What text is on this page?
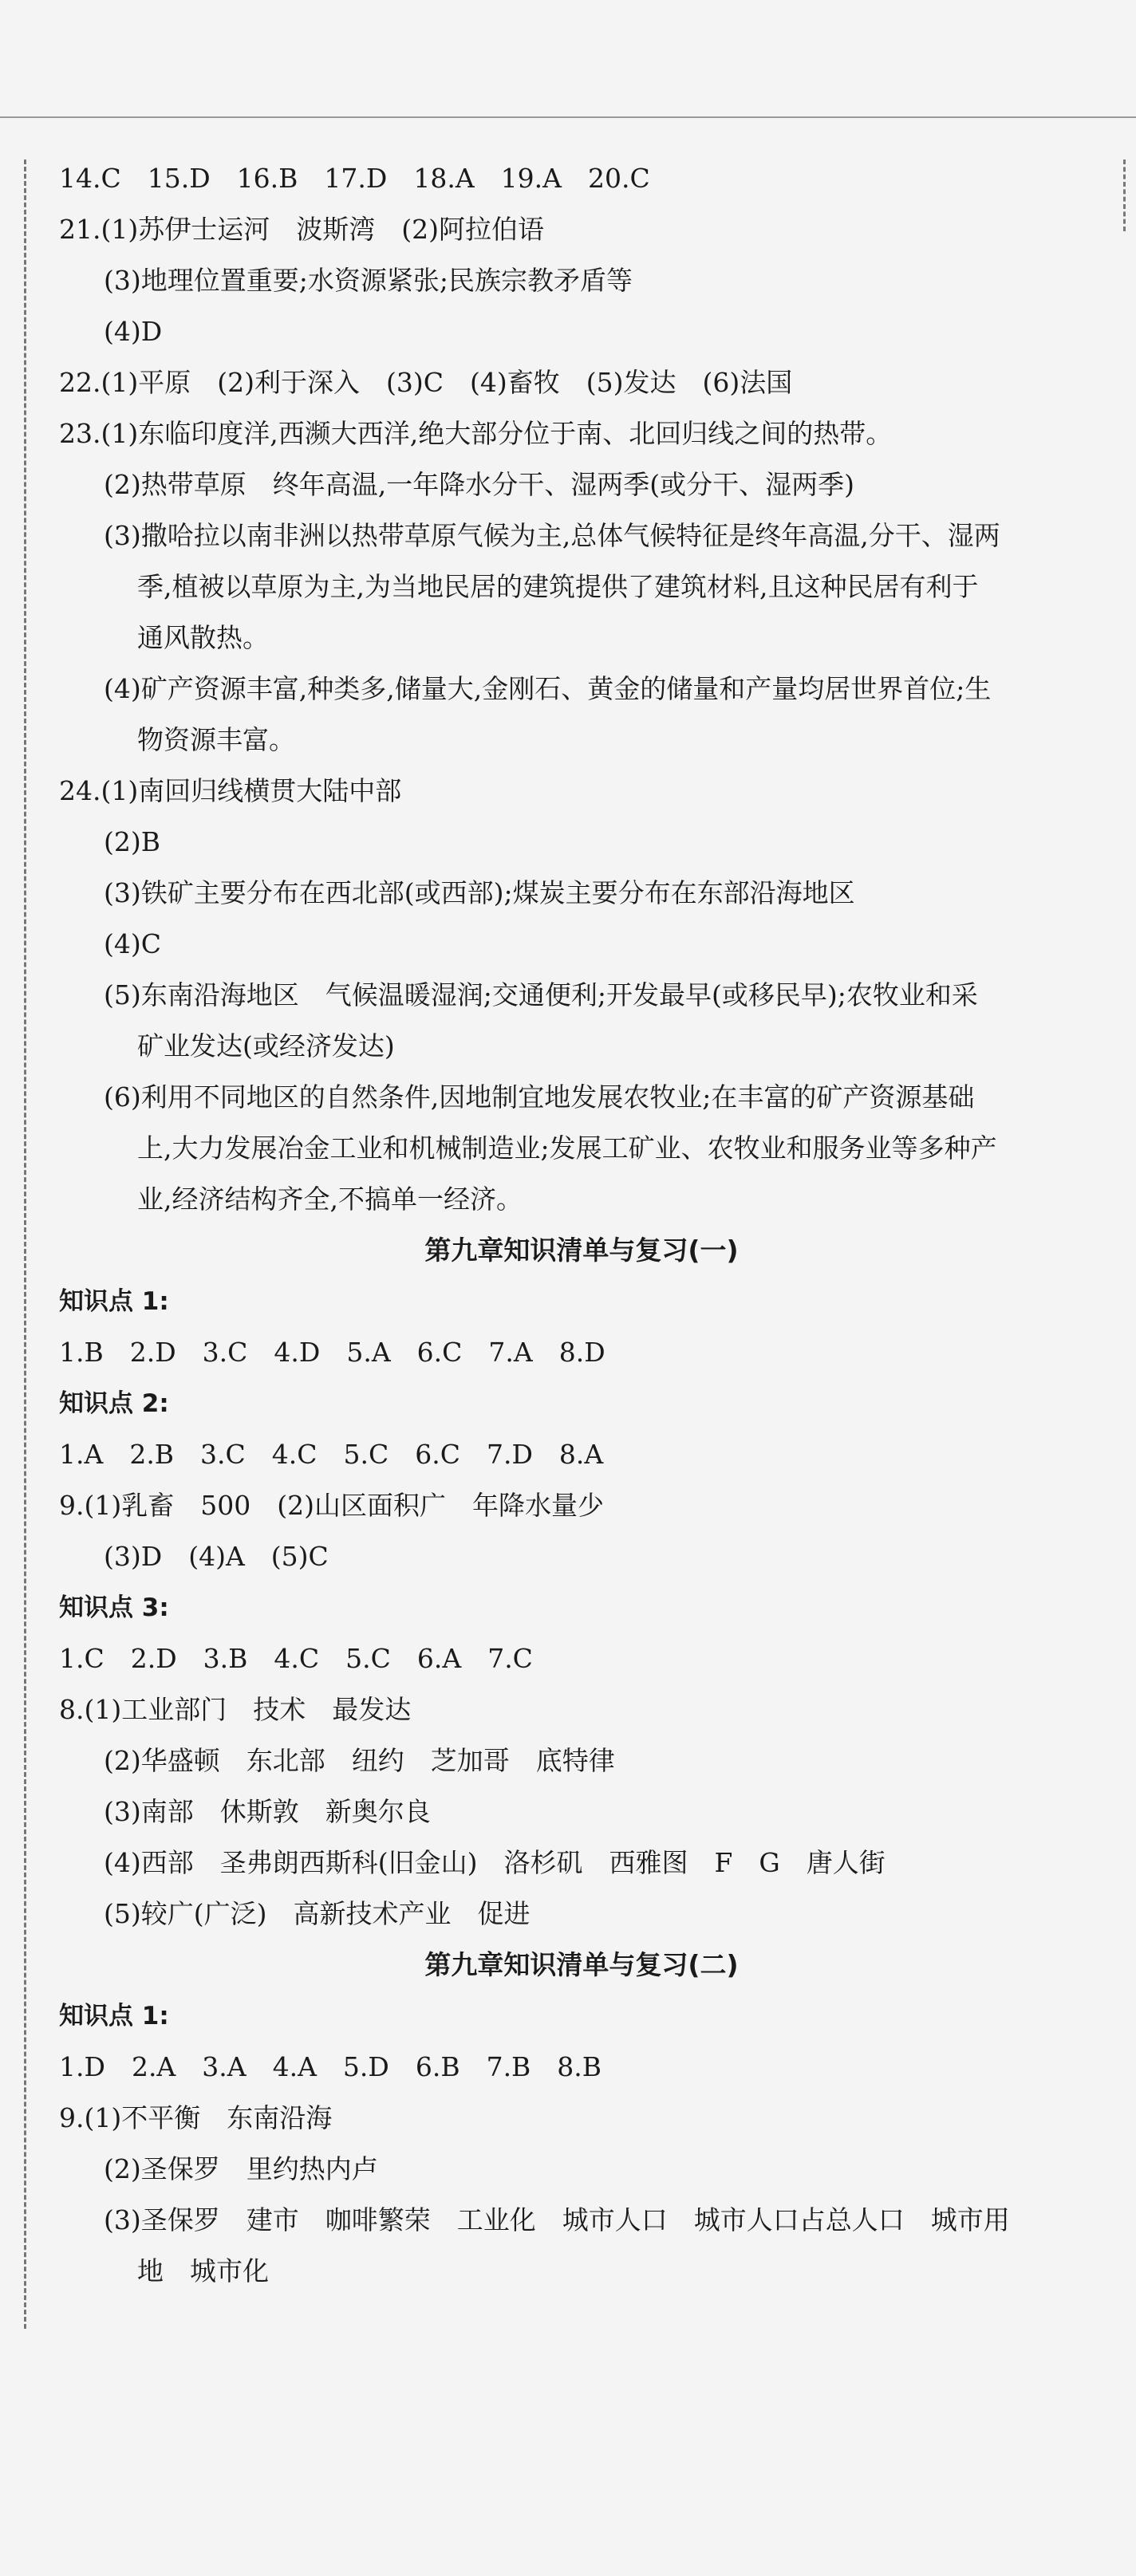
14.C　15.D　16.B　17.D　18.A　19.A　20.C

21.(1)苏伊士运河　波斯湾　(2)阿拉伯语

(3)地理位置重要;水资源紧张;民族宗教矛盾等

(4)D

22.(1)平原　(2)利于深入　(3)C　(4)畜牧　(5)发达　(6)法国

23.(1)东临印度洋,西濒大西洋,绝大部分位于南、北回归线之间的热带。

(2)热带草原　终年高温,一年降水分干、湿两季(或分干、湿两季)

(3)撒哈拉以南非洲以热带草原气候为主,总体气候特征是终年高温,分干、湿两

季,植被以草原为主,为当地民居的建筑提供了建筑材料,且这种民居有利于

通风散热。

(4)矿产资源丰富,种类多,储量大,金刚石、黄金的储量和产量均居世界首位;生

物资源丰富。

24.(1)南回归线横贯大陆中部

(2)B

(3)铁矿主要分布在西北部(或西部);煤炭主要分布在东部沿海地区

(4)C

(5)东南沿海地区　气候温暖湿润;交通便利;开发最早(或移民早);农牧业和采

矿业发达(或经济发达)

(6)利用不同地区的自然条件,因地制宜地发展农牧业;在丰富的矿产资源基础

上,大力发展冶金工业和机械制造业;发展工矿业、农牧业和服务业等多种产

业,经济结构齐全,不搞单一经济。

第九章知识清单与复习(一)

知识点 1:

1.B　2.D　3.C　4.D　5.A　6.C　7.A　8.D

知识点 2:

1.A　2.B　3.C　4.C　5.C　6.C　7.D　8.A

9.(1)乳畜　500　(2)山区面积广　年降水量少

(3)D　(4)A　(5)C

知识点 3:

1.C　2.D　3.B　4.C　5.C　6.A　7.C

8.(1)工业部门　技术　最发达

(2)华盛顿　东北部　纽约　芝加哥　底特律

(3)南部　休斯敦　新奥尔良

(4)西部　圣弗朗西斯科(旧金山)　洛杉矶　西雅图　F　G　唐人街

(5)较广(广泛)　高新技术产业　促进

第九章知识清单与复习(二)

知识点 1:

1.D　2.A　3.A　4.A　5.D　6.B　7.B　8.B

9.(1)不平衡　东南沿海

(2)圣保罗　里约热内卢

(3)圣保罗　建市　咖啡繁荣　工业化　城市人口　城市人口占总人口　城市用

地　城市化
